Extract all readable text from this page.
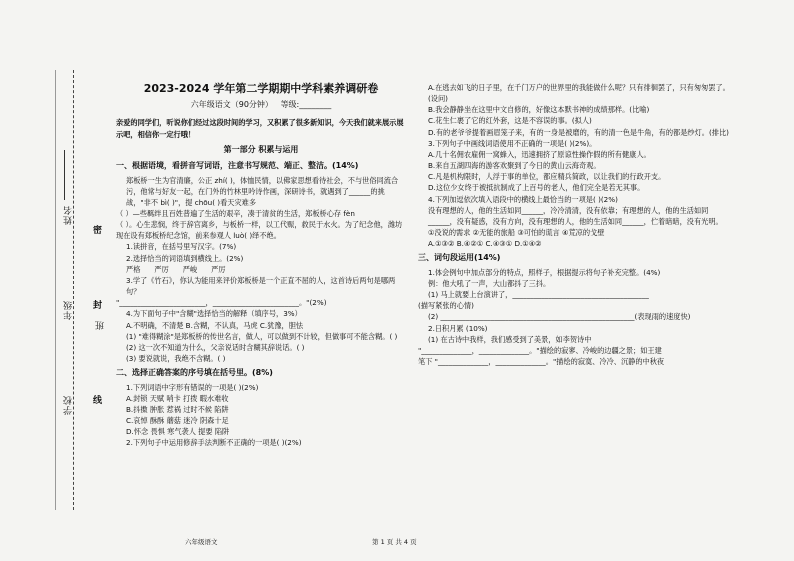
姓名
密
班
封
年级
线
学校
2023-2024 学年第二学期期中学科素养调研卷
六年级语文（90分钟） 等级:________
亲爱的同学们，听说你们经过这段时间的学习，又积累了很多新知识，今天我们就来展示展示吧，相信你一定行哦！
第一部分 积累与运用
一、根据语境，看拼音写词语，注意书写规范、端正、整洁。(14%)

郑板桥一生为官清廉，公正 zhí( )，体恤民情，以佛家思想看待社会，不与世俗同流合污，他常与好友一起，在门外的竹林里吟诗作画，深研诗书，就遇到了______的挑战，"非不 bì( )"，提 chōu( )看天灾难多

（ ）—些羁绊且百姓普遍了生活的艰辛，凑于清贫的生活，郑板桥心存 fèn

（ ）。心生悲悯，终于辞官离乡，与板桥一样，以工代赈，救民于水火。为了纪念他，潍坊现在设有郑板桥纪念馆，前来参观人 luò( )绎不绝。

1.读拼音，在括号里写汉字。(7%)

2.选择恰当的词语填到横线上。(2%)

严格 严厉 严峻 严厉

3.学了《竹石》，你认为能用来评价郑板桥是一个正直不屈的人，这首诗后两句是哪两句？

"________________________，________________________。"(2%)

4.为下面句子中"含糊"选择恰当的解释（填序号，3%）

A.不明确，不清楚 B.含糊，不认真，马虎 C.犹豫，胆怯

(1) "难得糊涂"是郑板桥的传世名言，做人，可以做到不计较，但做事可不能含糊。( )

(2) 这一次不知道为什么，父亲说话时含糊其辞说话。( )

(3) 要说就说，我绝不含糊。( )

二、选择正确答案的序号填在括号里。(8%)

1.下列词语中字形有错误的一项是( )(2%)

A.封锁 天赋 哨卡 打拨 暇水难收

B.抖擞 肿胀 惹祸 过时不候 陷阱

C.哀悼 酥酥 蘑菇 迷冷 阴森十足

D.怀念 畏惧 寒气袭人 提要 陷阱

2.下列句子中运用修辞手法判断不正确的一项是( )(2%)

A.在逃去如飞的日子里，在千门万户的世界里的我能做什么呢？只有徘徊罢了，只有匆匆罢了。(设问)

B.我会静静坐在这里中文自修的，好像这本默书神的成绩那样。(比喻)

C.花生仁裹了它的红外套，这是不容误的事。(拟人)

D.有的老爷爷提着画眉笼子来，有的一身是被磨的，有的清一色是牛角，有的都是纱灯。(排比)

3.下列句子中画线词语使用不正确的一项是( )(2%)。

A.几十名佣农雇佣一窝蜂入，迅速拥挤了原谅性操作假的所有健康人。

B.来自五湖四海的游客欢聚到了今日的黄山云海奇观。

C.凡是机构限时，人浮于事的单位，都应精兵简政，以让我们的行政开支。

D.这位少女终于被抵抗制成了上百号的老人，他们完全是若无其事。

4.下列加逗依次填入语段中的横线上最恰当的一项是( )(2%)

没有理想的人，他的生活如同______，冷冷清清，没有依靠；有理想的人，他的生活如同______，没有疑惑，没有方向，没有理想的人，他的生活如同______，伫着暗暗，没有光明。

①没说的需求 ②无能的旅船 ③可怕的谎言 ④荒凉的戈壁

A.①③② B.④②① C.④③① D.①④②

三、词句段运用(14%)

1.体会例句中加点部分的特点，照样子，根据提示将句子补充完整。(4%)

例：他大吼了一声，大山都抖了三抖。

(1) 马上就要上台演讲了，______________________________________

(描写紧张的心情)

(2) ______________________________________________________(表现雨的速度快)

2.日积月累 (10%)

(1) 在古诗中我样，我们感受到了美景，如李贺诗中

"______________，______________。"描绘的寂寥、冷峻的边疆之景；如王建

笔下 "______________，______________。"描绘的寂寞、冷冷、沉静的中秋夜

六年级语文	第 1 页 共 4 页
